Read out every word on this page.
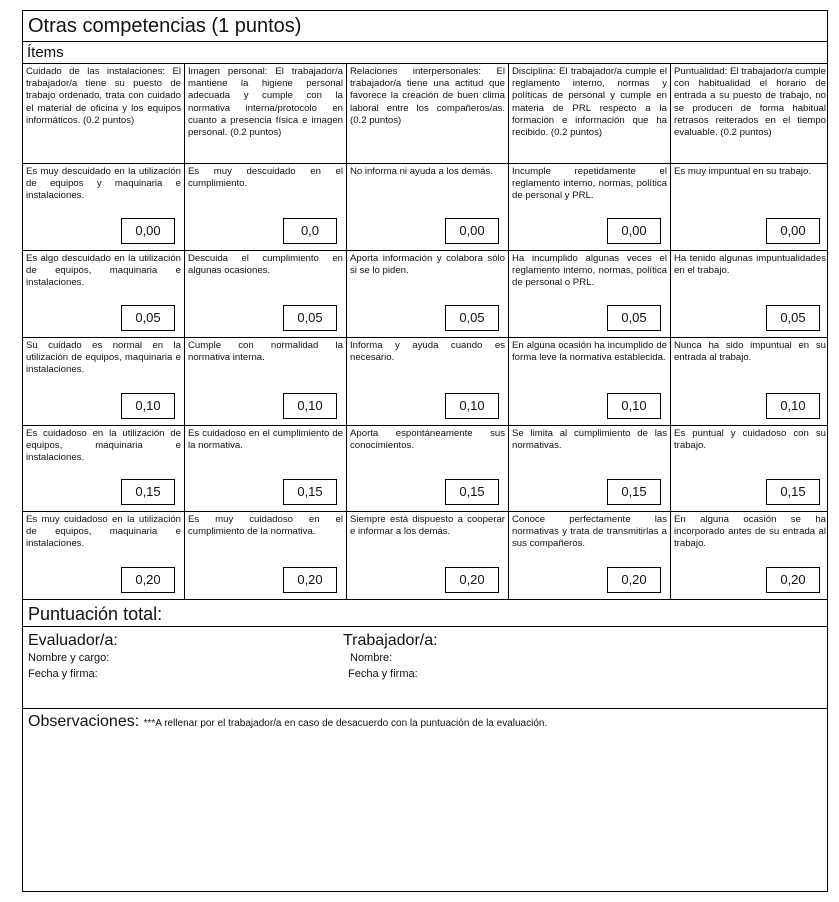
Otras competencias (1 puntos)
Ítems
Cuidado de las instalaciones: El trabajador/a tiene su puesto de trabajo ordenado, trata con cuidado el material de oficina y los equipos informáticos. (0.2 puntos)
Imagen personal: El trabajador/a mantiene la higiene personal adecuada y cumple con la normativa interna/protocolo en cuanto a presencia física e imagen personal. (0.2 puntos)
Relaciones interpersonales: El trabajador/a tiene una actitud que favorece la creación de buen clima laboral entre los compañeros/as. (0.2 puntos)
Disciplina: El trabajador/a cumple el reglamento interno, normas y políticas de personal y cumple en materia de PRL respecto a la formación e información que ha recibido. (0.2 puntos)
Puntualidad: El trabajador/a cumple con habitualidad el horario de entrada a su puesto de trabajo, no se producen de forma habitual retrasos reiterados en el tiempo evaluable. (0.2 puntos)
Es muy descuidado en la utilización de equipos y maquinaria e instalaciones.
0,00
Es muy descuidado en el cumplimiento.
0,0
No informa ni ayuda a los demás.
0,00
Incumple repetidamente el reglamento interno, normas, política de personal y PRL.
0,00
Es muy impuntual en su trabajo.
0,00
Es algo descuidado en la utilización de equipos, maquinaria e instalaciones.
0,05
Descuida el cumplimiento en algunas ocasiones.
0,05
Aporta información y colabora sólo si se lo piden.
0,05
Ha incumplido algunas veces el reglamento interno, normas, política de personal o PRL.
0,05
Ha tenido algunas impuntualidades en el trabajo.
0,05
Su cuidado es normal en la utilización de equipos, maquinaria e instalaciones.
0,10
Cumple con normalidad la normativa interna.
0,10
Informa y ayuda cuando es necesario.
0,10
En alguna ocasión ha incumplido de forma leve la normativa establecida.
0,10
Nunca ha sido impuntual en su entrada al trabajo.
0,10
Es cuidadoso en la utilización de equipos, maquinaria e instalaciones.
0,15
Es cuidadoso en el cumplimiento de la normativa.
0,15
Aporta espontáneamente sus conocimientos.
0,15
Se limita al cumplimiento de las normativas.
0,15
Es puntual y cuidadoso con su trabajo.
0,15
Es muy cuidadoso en la utilización de equipos, maquinaria e instalaciones.
0,20
Es muy cuidadoso en el cumplimiento de la normativa.
0,20
Siempre está dispuesto a cooperar e informar a los demás.
0,20
Conoce perfectamente las normativas y trata de transmitirlas a sus compañeros.
0,20
En alguna ocasión se ha incorporado antes de su entrada al trabajo.
0,20
Puntuación total:
Evaluador/a:
Nombre y cargo:
Fecha y firma:
Trabajador/a:
Nombre:
Fecha y firma:
Observaciones: ***A rellenar por el trabajador/a en caso de desacuerdo con la puntuación de la evaluación.
